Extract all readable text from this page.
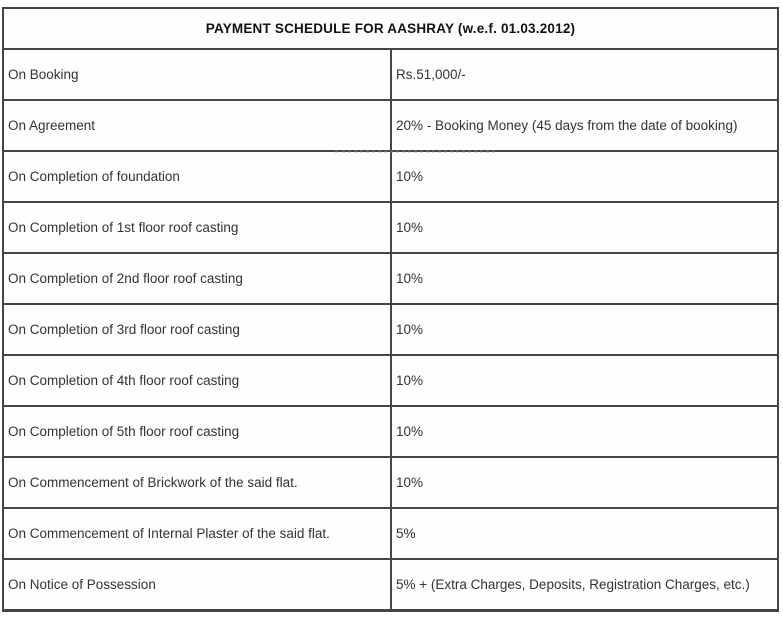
PAYMENT SCHEDULE FOR AASHRAY (w.e.f. 01.03.2012)	
On Booking	Rs.51,000/-
On Agreement	20% - Booking Money (45 days from the date of booking)
On Completion of foundation	10%
On Completion of 1st floor roof casting	10%
On Completion of 2nd floor roof casting	10%
On Completion of 3rd floor roof casting	10%
On Completion of 4th floor roof casting	10%
On Completion of 5th floor roof casting	10%
On Commencement of Brickwork of the said flat.	10%
On Commencement of Internal Plaster of the said flat.	5%
On Notice of Possession	5% + (Extra Charges, Deposits, Registration Charges, etc.)
